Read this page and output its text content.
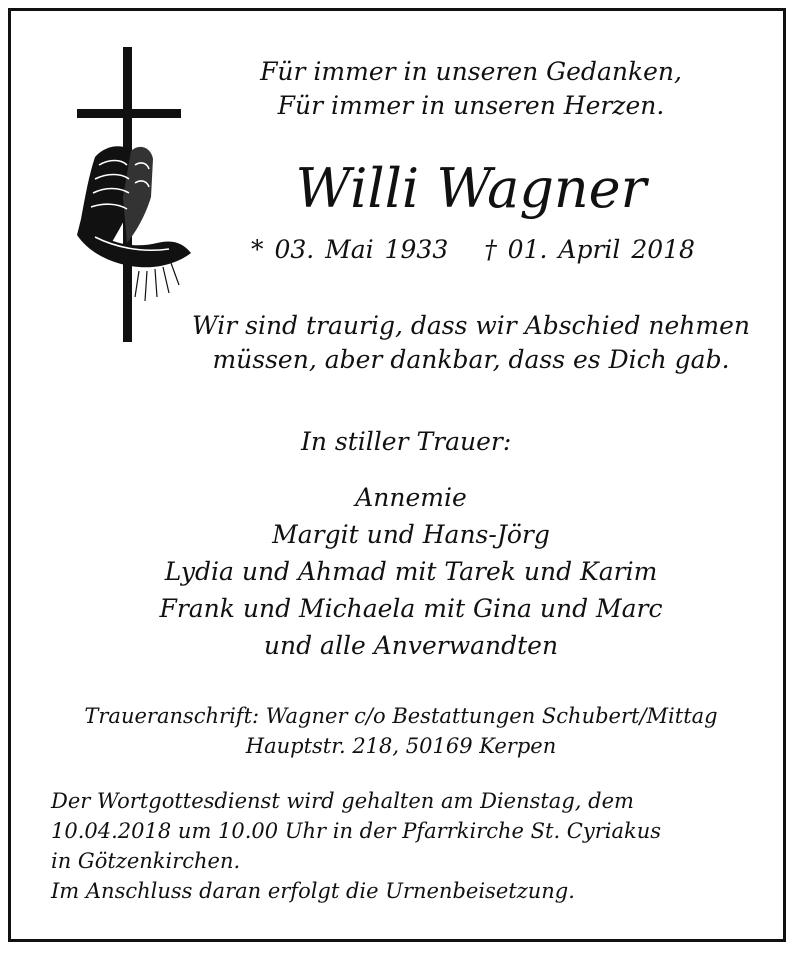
Für immer in unseren Gedanken,
Für immer in unseren Herzen.
Willi Wagner
* 03. Mai 1933 † 01. April 2018
Wir sind traurig, dass wir Abschied nehmen
müssen, aber dankbar, dass es Dich gab.
In stiller Trauer:
Annemie
Margit und Hans-Jörg
Lydia und Ahmad mit Tarek und Karim
Frank und Michaela mit Gina und Marc
und alle Anverwandten
Traueranschrift: Wagner c/o Bestattungen Schubert/Mittag
Hauptstr. 218, 50169 Kerpen
Der Wortgottesdienst wird gehalten am Dienstag, dem
10.04.2018 um 10.00 Uhr in der Pfarrkirche St. Cyriakus
in Götzenkirchen.
Im Anschluss daran erfolgt die Urnenbeisetzung.
